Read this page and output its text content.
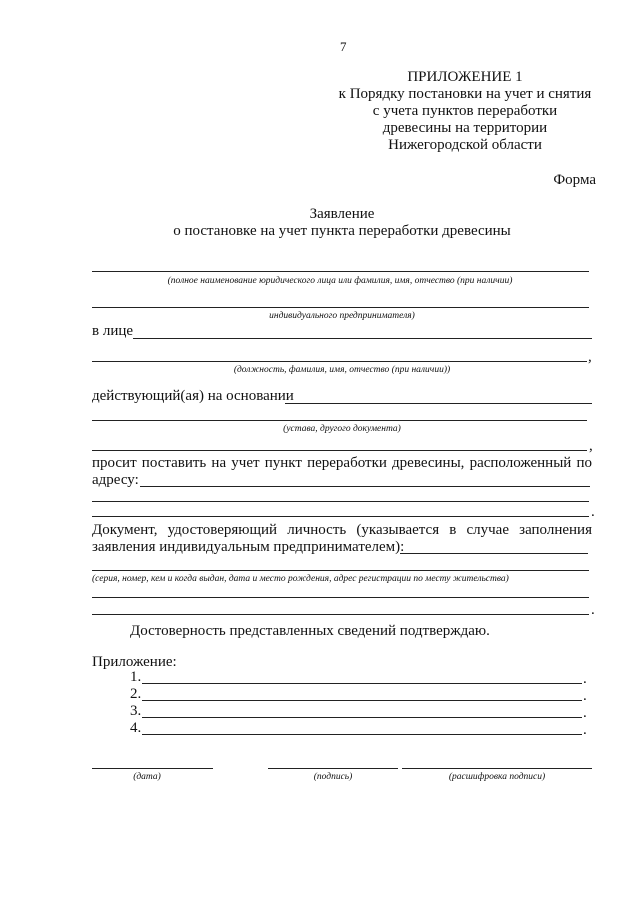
7
ПРИЛОЖЕНИЕ 1
к Порядку постановки на учет и снятия
с учета пунктов переработки
древесины на территории
Нижегородской области
Форма
Заявление
о постановке на учет пункта переработки древесины
(полное наименование юридического лица или фамилия, имя, отчество (при наличии)
индивидуального предпринимателя)
в лице
,
(должность, фамилия, имя, отчество (при наличии))
действующий(ая) на основании
(устава, другого документа)
,
просит поставить на учет пункт переработки древесины, расположенный по
адресу:
.
Документ, удостоверяющий личность (указывается в случае заполнения
заявления индивидуальным предпринимателем):
(серия, номер, кем и когда выдан, дата и место рождения, адрес регистрации по месту жительства)
.
Достоверность представленных сведений подтверждаю.
Приложение:
1.	.
2.	.
3.	.
4.	.
(дата)	(подпись)	(расшифровка подписи)
